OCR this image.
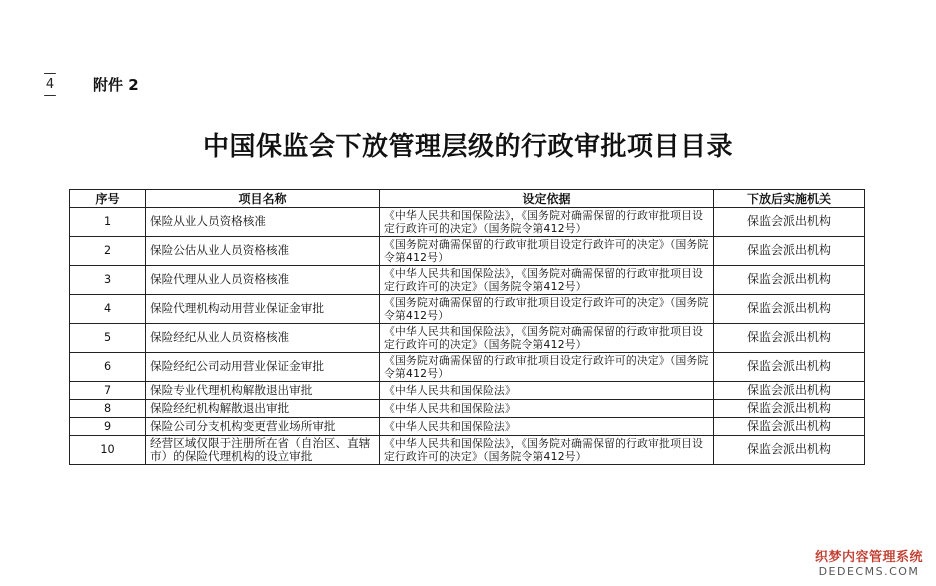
—
4
—
附件 2
中国保监会下放管理层级的行政审批项目目录
序号	项目名称	设定依据	下放后实施机关
1	保险从业人员资格核准	《中华人民共和国保险法》，《国务院对确需保留的行政审批项目设定行政许可的决定》（国务院令第412号）	保监会派出机构
2	保险公估从业人员资格核准	《国务院对确需保留的行政审批项目设定行政许可的决定》（国务院令第412号）	保监会派出机构
3	保险代理从业人员资格核准	《中华人民共和国保险法》，《国务院对确需保留的行政审批项目设定行政许可的决定》（国务院令第412号）	保监会派出机构
4	保险代理机构动用营业保证金审批	《国务院对确需保留的行政审批项目设定行政许可的决定》（国务院令第412号）	保监会派出机构
5	保险经纪从业人员资格核准	《中华人民共和国保险法》，《国务院对确需保留的行政审批项目设定行政许可的决定》（国务院令第412号）	保监会派出机构
6	保险经纪公司动用营业保证金审批	《国务院对确需保留的行政审批项目设定行政许可的决定》（国务院令第412号）	保监会派出机构
7	保险专业代理机构解散退出审批	《中华人民共和国保险法》	保监会派出机构
8	保险经纪机构解散退出审批	《中华人民共和国保险法》	保监会派出机构
9	保险公司分支机构变更营业场所审批	《中华人民共和国保险法》	保监会派出机构
10	经营区域仅限于注册所在省（自治区、直辖市）的保险代理机构的设立审批	《中华人民共和国保险法》，《国务院对确需保留的行政审批项目设定行政许可的决定》（国务院令第412号）	保监会派出机构
织梦内容管理系统
DEDECMS.COM
